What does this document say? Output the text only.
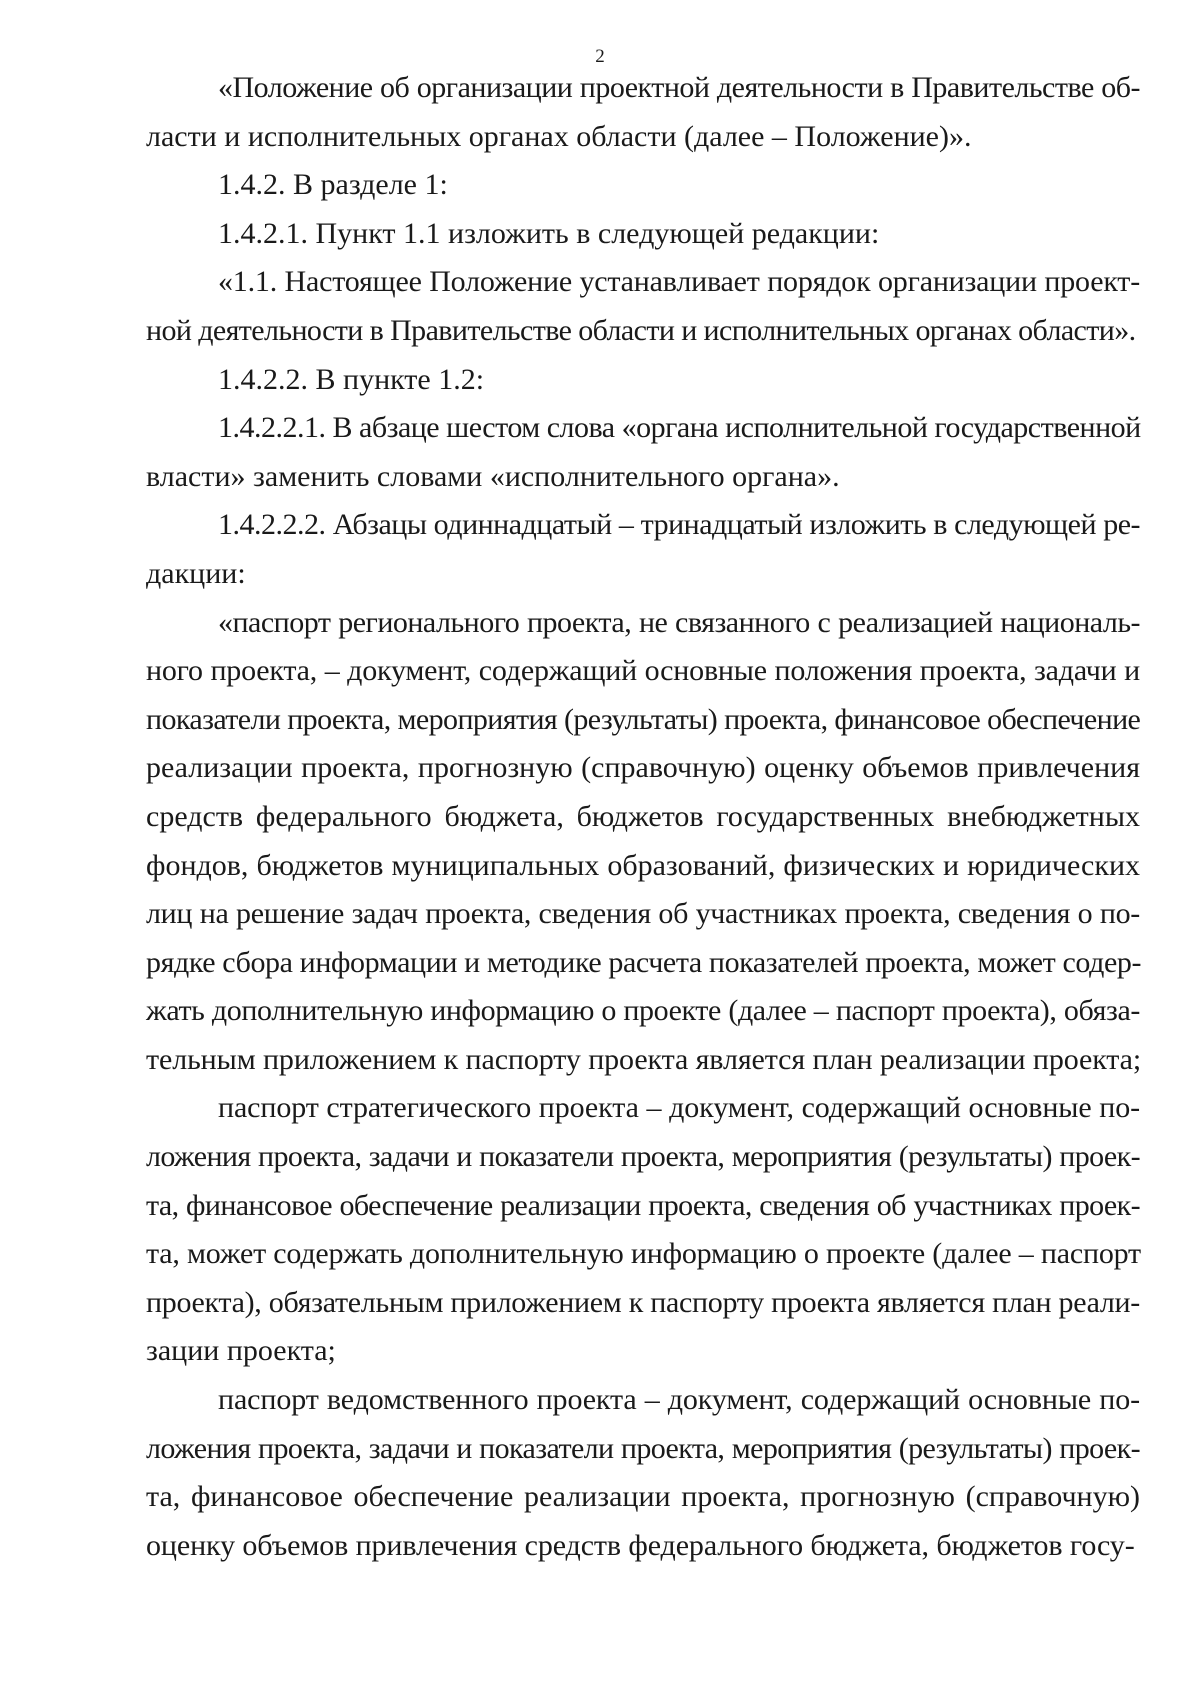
2

«Положение об организации проектной деятельности в Правительстве об-
ласти и исполнительных органах области (далее – Положение)».

1.4.2. В разделе 1:

1.4.2.1. Пункт 1.1 изложить в следующей редакции:

«1.1. Настоящее Положение устанавливает порядок организации проект-
ной деятельности в Правительстве области и исполнительных органах области».

1.4.2.2. В пункте 1.2:

1.4.2.2.1. В абзаце шестом слова «органа исполнительной государственной
власти» заменить словами «исполнительного органа».

1.4.2.2.2. Абзацы одиннадцатый – тринадцатый изложить в следующей ре-
дакции:

«паспорт регионального проекта, не связанного с реализацией националь-
ного проекта, – документ, содержащий основные положения проекта, задачи и
показатели проекта, мероприятия (результаты) проекта, финансовое обеспечение
реализации проекта, прогнозную (справочную) оценку объемов привлечения
средств федерального бюджета, бюджетов государственных внебюджетных
фондов, бюджетов муниципальных образований, физических и юридических
лиц на решение задач проекта, сведения об участниках проекта, сведения о по-
рядке сбора информации и методике расчета показателей проекта, может содер-
жать дополнительную информацию о проекте (далее – паспорт проекта), обяза-
тельным приложением к паспорту проекта является план реализации проекта;

паспорт стратегического проекта – документ, содержащий основные по-
ложения проекта, задачи и показатели проекта, мероприятия (результаты) проек-
та, финансовое обеспечение реализации проекта, сведения об участниках проек-
та, может содержать дополнительную информацию о проекте (далее – паспорт
проекта), обязательным приложением к паспорту проекта является план реали-
зации проекта;

паспорт ведомственного проекта – документ, содержащий основные по-
ложения проекта, задачи и показатели проекта, мероприятия (результаты) проек-
та, финансовое обеспечение реализации проекта, прогнозную (справочную)
оценку объемов привлечения средств федерального бюджета, бюджетов госу-
